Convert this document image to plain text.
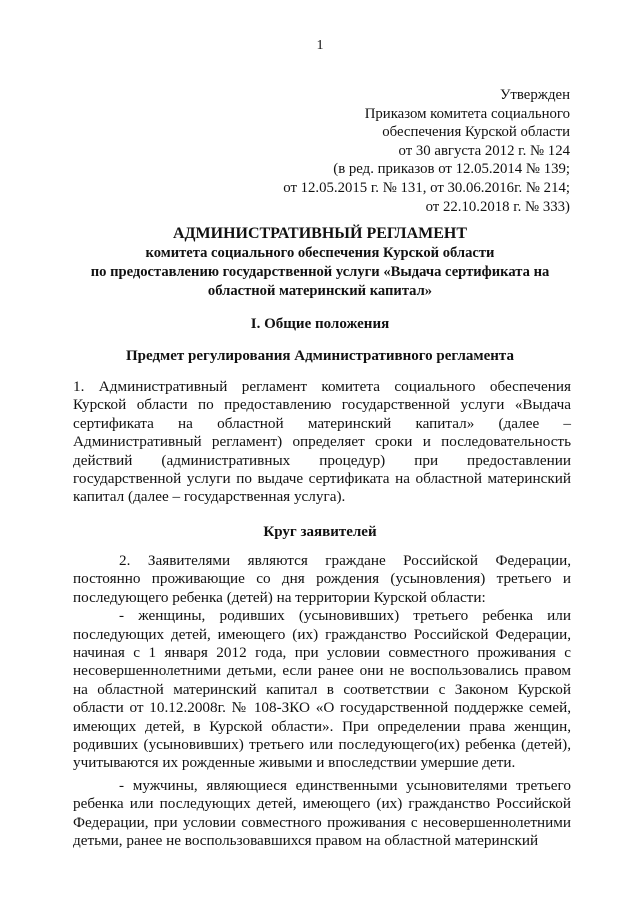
1
Утвержден
Приказом комитета социального
обеспечения Курской области
от 30 августа 2012 г. № 124
(в ред. приказов от 12.05.2014 № 139;
от 12.05.2015 г. № 131, от 30.06.2016г. № 214;
от 22.10.2018 г. № 333)
АДМИНИСТРАТИВНЫЙ РЕГЛАМЕНТ
комитета социального обеспечения Курской области
по предоставлению государственной услуги «Выдача сертификата на
областной материнский капитал»
I. Общие положения
Предмет регулирования Административного регламента
1. Административный регламент комитета социального обеспечения Курской области по предоставлению государственной услуги «Выдача сертификата на областной материнский капитал» (далее – Административный регламент) определяет сроки и последовательность действий (административных процедур) при предоставлении государственной услуги по выдаче сертификата на областной материнский капитал (далее – государственная услуга).
Круг заявителей
2. Заявителями являются граждане Российской Федерации, постоянно проживающие со дня рождения (усыновления) третьего и последующего ребенка (детей) на территории Курской области:
- женщины, родивших (усыновивших) третьего ребенка или последующих детей, имеющего (их) гражданство Российской Федерации, начиная с 1 января 2012 года, при условии совместного проживания с несовершеннолетними детьми, если ранее они не воспользовались правом на областной материнский капитал в соответствии с Законом Курской области от 10.12.2008г. № 108-ЗКО «О государственной поддержке семей, имеющих детей, в Курской области». При определении права женщин, родивших (усыновивших) третьего или последующего(их) ребенка (детей), учитываются их рожденные живыми и впоследствии умершие дети.
- мужчины, являющиеся единственными усыновителями третьего ребенка или последующих детей, имеющего (их) гражданство Российской Федерации, при условии совместного проживания с несовершеннолетними детьми, ранее не воспользовавшихся правом на областной материнский
